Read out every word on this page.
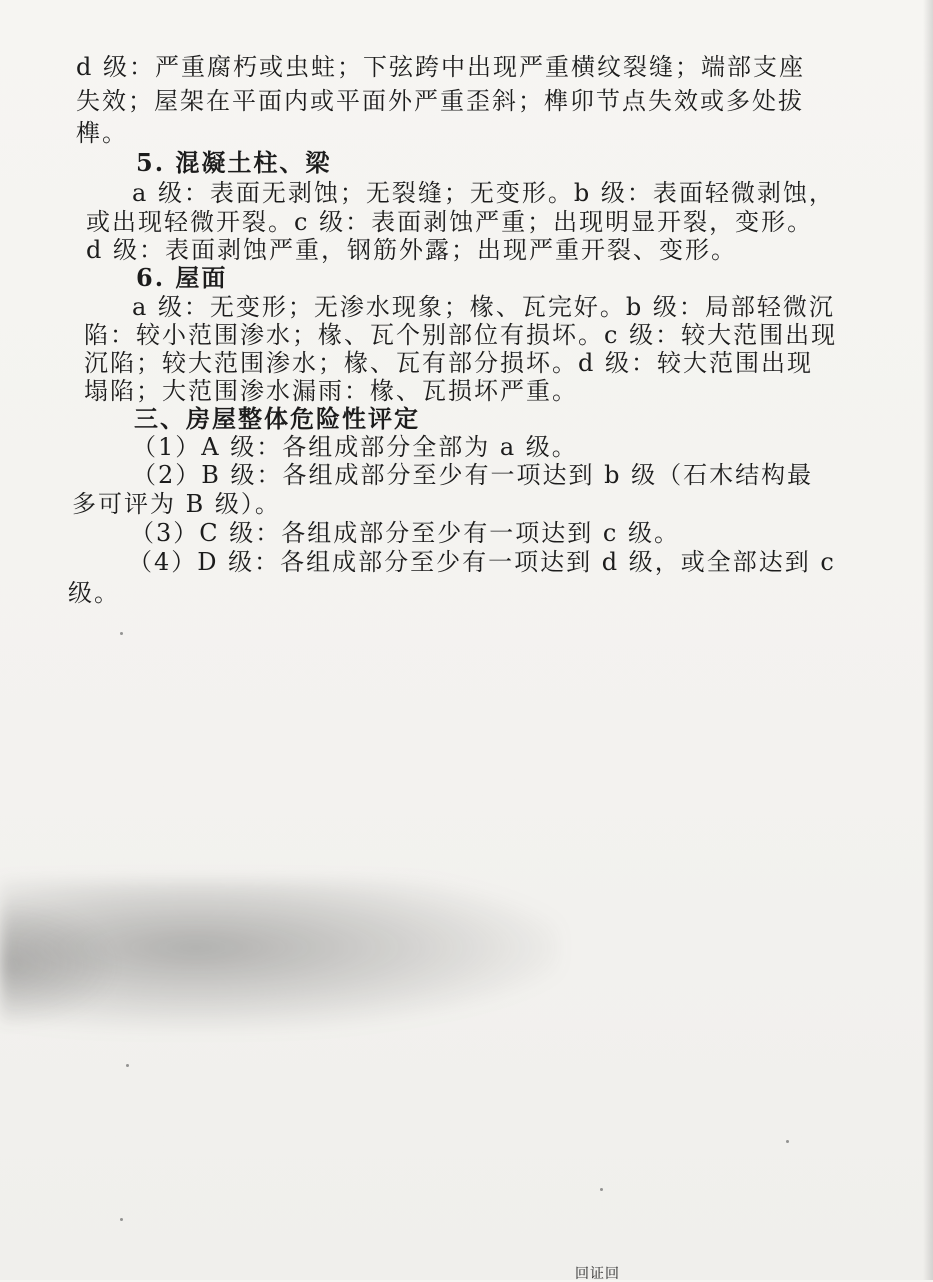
d 级：严重腐朽或虫蛀；下弦跨中出现严重横纹裂缝；端部支座
失效；屋架在平面内或平面外严重歪斜；榫卯节点失效或多处拔
榫。
5. 混凝土柱、梁
a 级：表面无剥蚀；无裂缝；无变形。b 级：表面轻微剥蚀，
或出现轻微开裂。c 级：表面剥蚀严重；出现明显开裂，变形。
d 级：表面剥蚀严重，钢筋外露；出现严重开裂、变形。
6. 屋面
a 级：无变形；无渗水现象；椽、瓦完好。b 级：局部轻微沉
陷：较小范围渗水；椽、瓦个别部位有损坏。c 级：较大范围出现
沉陷；较大范围渗水；椽、瓦有部分损坏。d 级：较大范围出现
塌陷；大范围渗水漏雨：椽、瓦损坏严重。
三、房屋整体危险性评定
（1）A 级：各组成部分全部为 a 级。
（2）B 级：各组成部分至少有一项达到 b 级（石木结构最
多可评为 B 级）。
（3）C 级：各组成部分至少有一项达到 c 级。
（4）D 级：各组成部分至少有一项达到 d 级，或全部达到 c
级。
回证回
